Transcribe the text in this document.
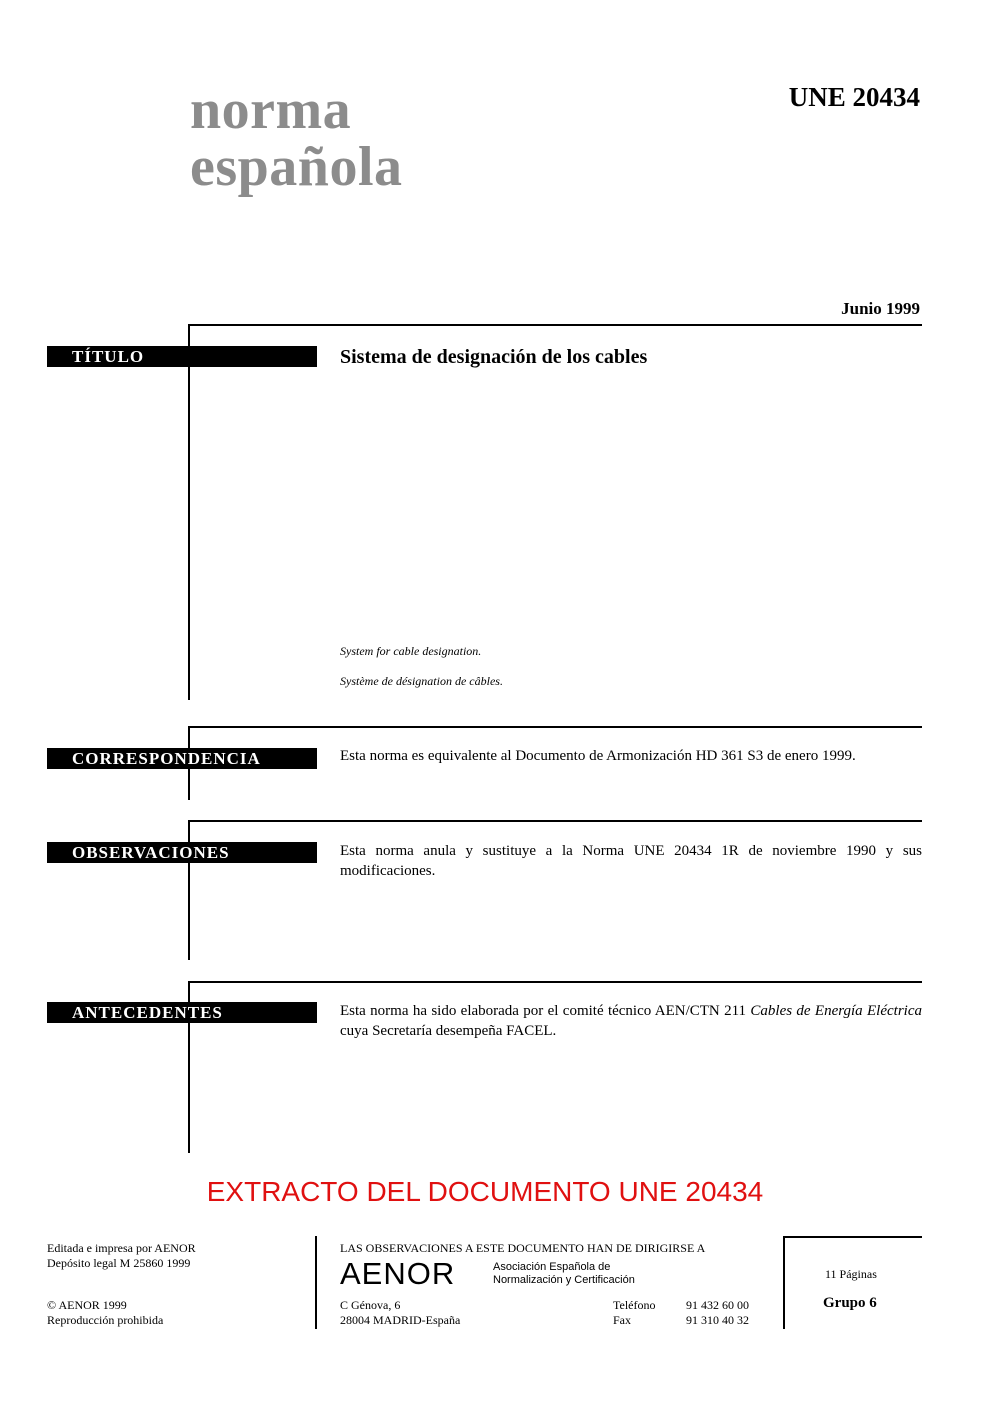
norma
española
UNE 20434
Junio 1999
TÍTULO	Sistema de designación de los cables
System for cable designation.
Système de désignation de câbles.
CORRESPONDENCIA	Esta norma es equivalente al Documento de Armonización HD 361 S3 de enero 1999.
OBSERVACIONES	Esta norma anula y sustituye a la Norma UNE 20434 1R de noviembre 1990 y sus modificaciones.
ANTECEDENTES	Esta norma ha sido elaborada por el comité técnico AEN/CTN 211 Cables de Energía Eléctrica cuya Secretaría desempeña FACEL.
EXTRACTO DEL DOCUMENTO UNE 20434
Editada e impresa por AENOR
Depósito legal M 25860 1999
© AENOR 1999
Reproducción prohibida
LAS OBSERVACIONES A ESTE DOCUMENTO HAN DE DIRIGIRSE A
AENOR	Asociación Española de
Normalización y Certificación
C Génova, 6
28004 MADRID-España
Teléfono	91 432 60 00
Fax	91 310 40 32
11 Páginas
Grupo 6
